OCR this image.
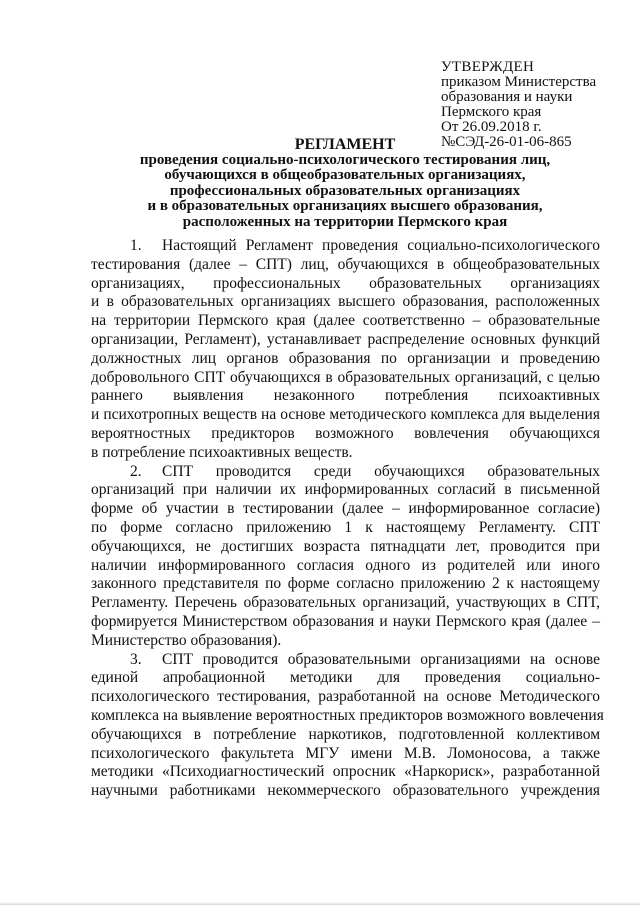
УТВЕРЖДЕН
приказом Министерства
образования и науки
Пермского края
От 26.09.2018 г.
№СЭД-26-01-06-865
РЕГЛАМЕНТ
проведения социально-психологического тестирования лиц,
обучающихся в общеобразовательных организациях,
профессиональных образовательных организациях
и в образовательных организациях высшего образования,
расположенных на территории Пермского края
1. Настоящий Регламент проведения социально-психологического
тестирования (далее – СПТ) лиц, обучающихся в общеобразовательных
организациях, профессиональных образовательных организациях
и в образовательных организациях высшего образования, расположенных
на территории Пермского края (далее соответственно – образовательные
организации, Регламент), устанавливает распределение основных функций
должностных лиц органов образования по организации и проведению
добровольного СПТ обучающихся в образовательных организаций, с целью
раннего выявления незаконного потребления психоактивных
и психотропных веществ на основе методического комплекса для выделения
вероятностных предикторов возможного вовлечения обучающихся
в потребление психоактивных веществ.
2. СПТ проводится среди обучающихся образовательных
организаций при наличии их информированных согласий в письменной
форме об участии в тестировании (далее – информированное согласие)
по форме согласно приложению 1 к настоящему Регламенту. СПТ
обучающихся, не достигших возраста пятнадцати лет, проводится при
наличии информированного согласия одного из родителей или иного
законного представителя по форме согласно приложению 2 к настоящему
Регламенту. Перечень образовательных организаций, участвующих в СПТ,
формируется Министерством образования и науки Пермского края (далее –
Министерство образования).
3. СПТ проводится образовательными организациями на основе
единой апробационной методики для проведения социально-
психологического тестирования, разработанной на основе Методического
комплекса на выявление вероятностных предикторов возможного вовлечения
обучающихся в потребление наркотиков, подготовленной коллективом
психологического факультета МГУ имени М.В. Ломоносова, а также
методики «Психодиагностический опросник «Наркориск», разработанной
научными работниками некоммерческого образовательного учреждения
